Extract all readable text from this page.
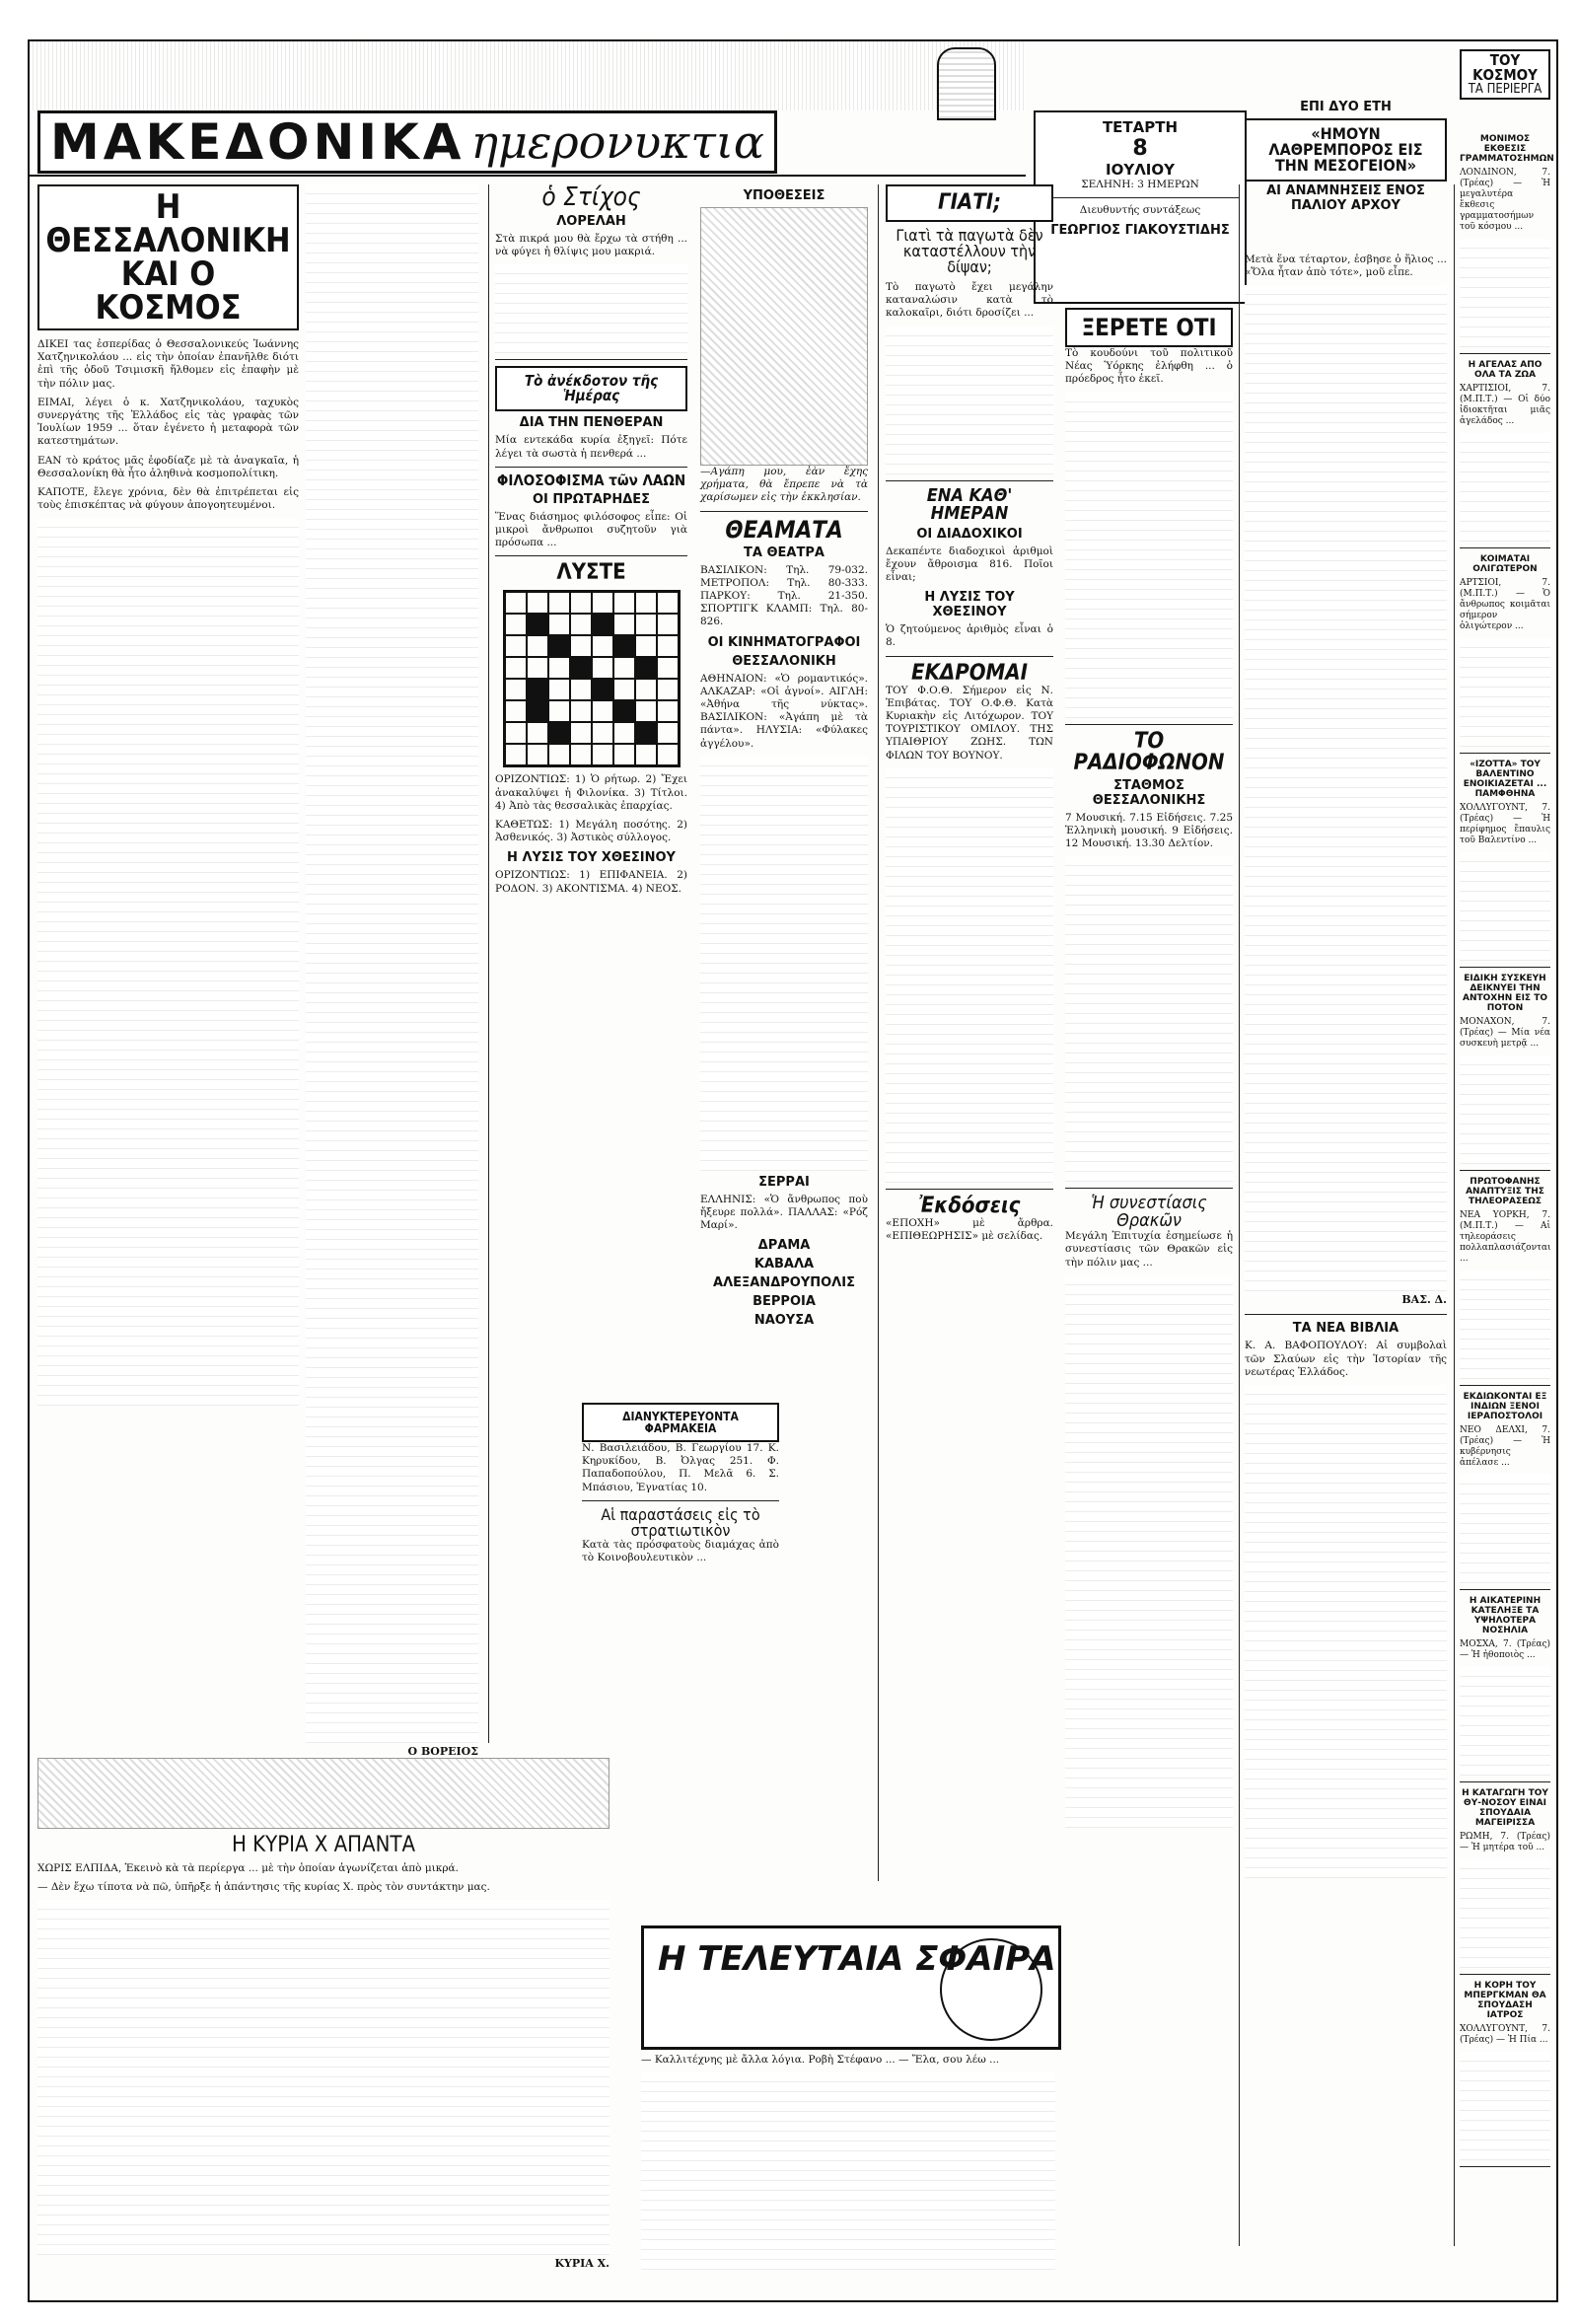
ΜΑΚΕΔΟΝΙΚΑ ημερονυκτια	ΤΕΤΑΡΤΗ
8
ΙΟΥΛΙΟΥ
ΣΕΛΗΝΗ: 3 ΗΜΕΡΩΝ
Διευθυντής συντάξεως
ΓΕΩΡΓΙΟΣ ΓΙΑΚΟΥΣΤΙΔΗΣ
ΕΠΙ ΔΥΟ ΕΤΗ
«ΗΜΟΥΝ ΛΑΘΡΕΜΠΟΡΟΣ ΕΙΣ ΤΗΝ ΜΕΣΟΓΕΙΟΝ»
ΑΙ ΑΝΑΜΝΗΣΕΙΣ ΕΝΟΣ ΠΑΛΙΟΥ ΑΡΧΟΥ
ΤΟΥ ΚΟΣΜΟΥ
ΤΑ ΠΕΡΙΕΡΓΑ
Η ΘΕΣΣΑΛΟΝΙΚΗ ΚΑΙ Ο ΚΟΣΜΟΣ

ΔΙΚΕΙ τας ἐσπερίδας ὁ Θεσσαλονικεύς Ἰωάννης Χατζηνικολάου ... εἰς τὴν ὁποίαν ἐπανῆλθε διότι ἐπὶ τῆς ὁδοῦ Τσιμισκῆ ἤλθομεν εἰς ἐπαφὴν μὲ τὴν πόλιν μας.

ΕΙΜΑΙ, λέγει ὁ κ. Χατζηνικολάου, ταχυκὸς συνεργάτης τῆς Ἑλλάδος εἰς τὰς γραφὰς τῶν Ἰουλίων 1959 ... ὅταν ἐγένετο ἡ μεταφορὰ τῶν κατεστημάτων.

ΕΑΝ τὸ κράτος μᾶς ἐφοδίαζε μὲ τὰ ἀναγκαῖα, ἡ Θεσσαλονίκη θὰ ἦτο ἀληθινὰ κοσμοπολίτικη.

ΚΑΠΟΤΕ, ἔλεγε χρόνια, δὲν θὰ ἐπιτρέπεται εἰς τοὺς ἐπισκέπτας νὰ φύγουν ἀπογοητευμένοι.

Ο ΒΟΡΕΙΟΣ
Η ΚΥΡΙΑ Χ ΑΠΑΝΤΑ

ΧΩΡΙΣ ΕΛΠΙΔΑ, Ἐκεινὸ κὰ τὰ περίεργα ... μὲ τὴν ὁποίαν ἀγωνίζεται ἀπὸ μικρά.

— Δὲν ἔχω τίποτα νὰ πῶ, ὑπῆρξε ἡ ἀπάντησις τῆς κυρίας Χ. πρὸς τὸν συντάκτην μας.

ΚΥΡΙΑ Χ.
ὁ Στίχος
ΛΟΡΕΛΑΗ

Στὰ πικρά μου θὰ ἔρχω τὰ στήθη ... νὰ φύγει ἡ θλίψις μου μακριά.

Τὸ ἀνέκδοτον τῆς Ἡμέρας
ΔΙΑ ΤΗΝ ΠΕΝΘΕΡΑΝ

Μία εντεκάδα κυρία ἐξηγεῖ: Πότε λέγει τὰ σωστὰ ἡ πενθερά ...

ΦΙΛΟΣΟΦΙΣΜΑ τῶν ΛΑΩΝ
ΟΙ ΠΡΩΤΑΡΗΔΕΣ

Ἕνας διάσημος φιλόσοφος εἶπε: Οἱ μικροὶ ἄνθρωποι συζητοῦν γιὰ πρόσωπα ...

ΛΥΣΤΕ

ΟΡΙΖΟΝΤΙΩΣ: 1) Ὁ ρήτωρ. 2) Ἔχει ἀνακαλύψει ἡ Φιλονίκα. 3) Τίτλοι. 4) Ἀπὸ τὰς θεσσαλικὰς ἐπαρχίας.

ΚΑΘΕΤΩΣ: 1) Μεγάλη ποσότης. 2) Ἀσθενικός. 3) Ἀστικὸς σύλλογος.

Η ΛΥΣΙΣ ΤΟΥ ΧΘΕΣΙΝΟΥ

ΟΡΙΖΟΝΤΙΩΣ: 1) ΕΠΙΦΑΝΕΙΑ. 2) ΡΟΔΟΝ. 3) ΑΚΟΝΤΙΣΜΑ. 4) ΝΕΟΣ.

ΔΙΑΝΥΚΤΕΡΕΥΟΝΤΑ ΦΑΡΜΑΚΕΙΑ

Ν. Βασιλειάδου, Β. Γεωργίου 17. Κ. Κηρυκίδου, Β. Ὀλγας 251. Φ. Παπαδοπούλου, Π. Μελᾶ 6. Σ. Μπάσιου, Ἐγνατίας 10.

Αἱ παραστάσεις εἰς τὸ στρατιωτικὸν

Κατὰ τὰς πρόσφατοὺς διαμάχας ἀπὸ τὸ Κοινοβουλευτικὸν ...

ΥΠΟΘΕΣΕΙΣ

—Αγάπη μου, ἐὰν ἔχης χρήματα, θὰ ἔπρεπε νὰ τὰ χαρίσωμεν εἰς τὴν ἐκκλησίαν.

ΘΕΑΜΑΤΑ
ΤΑ ΘΕΑΤΡΑ

ΒΑΣΙΛΙΚΟΝ: Τηλ. 79-032. ΜΕΤΡΟΠΟΛ: Τηλ. 80-333. ΠΑΡΚΟΥ: Τηλ. 21-350. ΣΠΟΡΤΙΓΚ ΚΛΑΜΠ: Τηλ. 80-826.

ΟΙ ΚΙΝΗΜΑΤΟΓΡΑΦΟΙ
ΘΕΣΣΑΛΟΝΙΚΗ

ΑΘΗΝΑΙΟΝ: «Ὁ ρομαντικός». ΑΛΚΑΖΑΡ: «Οἱ ἀγνοί». ΑΙΓΛΗ: «Ἀθήνα τῆς νύκτας». ΒΑΣΙΛΙΚΟΝ: «Ἀγάπη μὲ τὰ πάντα». ΗΛΥΣΙΑ: «Φύλακες ἀγγέλου».

ΣΕΡΡΑΙ

ΕΛΛΗΝΙΣ: «Ὁ ἄνθρωπος ποὺ ἤξευρε πολλά». ΠΑΛΛΑΣ: «Ρόζ Μαρί».

ΔΡΑΜΑ
ΚΑΒΑΛΑ
ΑΛΕΞΑΝΔΡΟΥΠΟΛΙΣ
ΒΕΡΡΟΙΑ
ΝΑΟΥΣΑ
ΓΙΑΤΙ;
Γιατὶ τὰ παγωτὰ δὲν καταστέλλουν τὴν δίψαν;

Τὸ παγωτὸ ἔχει μεγάλην καταναλώσιν κατὰ τὸ καλοκαῖρι, διότι δροσίζει ...

ΕΝΑ ΚΑΘ' ΗΜΕΡΑΝ
ΟΙ ΔΙΑΔΟΧΙΚΟΙ

Δεκαπέντε διαδοχικοὶ ἀριθμοὶ ἔχουν ἄθροισμα 816. Ποῖοι εἶναι;

Η ΛΥΣΙΣ ΤΟΥ ΧΘΕΣΙΝΟΥ

Ὁ ζητούμενος ἀριθμὸς εἶναι ὁ 8.

ΕΚΔΡΟΜΑΙ

ΤΟΥ Φ.Ο.Θ. Σήμερον εἰς Ν. Ἐπιβάτας. ΤΟΥ Ο.Φ.Θ. Κατὰ Κυριακὴν εἰς Λιτόχωρον. ΤΟΥ ΤΟΥΡΙΣΤΙΚΟΥ ΟΜΙΛΟΥ. ΤΗΣ ΥΠΑΙΘΡΙΟΥ ΖΩΗΣ. ΤΩΝ ΦΙΛΩΝ ΤΟΥ ΒΟΥΝΟΥ.

Ἐκδόσεις

«ΕΠΟΧΗ» μὲ ἄρθρα. «ΕΠΙΘΕΩΡΗΣΙΣ» μὲ σελίδας.

ΞΕΡΕΤΕ ΟΤΙ

Τὸ κουδούνι τοῦ πολιτικοῦ Νέας Ὑόρκης ἐλήφθη ... ὁ πρόεδρος ἦτο ἐκεῖ.

ΤΟ ΡΑΔΙΟΦΩΝΟΝ
ΣΤΑΘΜΟΣ ΘΕΣΣΑΛΟΝΙΚΗΣ

7 Μουσική. 7.15 Εἰδήσεις. 7.25 Ἑλληνικὴ μουσική. 9 Εἰδήσεις. 12 Μουσική. 13.30 Δελτίον.

Ἡ συνεστίασις Θρακῶν

Μεγάλη Ἐπιτυχία ἐσημείωσε ἡ συνεστίασις τῶν Θρακῶν εἰς τὴν πόλιν μας ...

Μετὰ ἕνα τέταρτον, ἐσβησε ὁ ἥλιος ... «Ὅλα ἦταν ἀπὸ τότε», μοῦ εἶπε.

ΒΑΣ. Δ.
ΤΑ ΝΕΑ ΒΙΒΛΙΑ

Κ. Α. ΒΑΦΟΠΟΥΛΟΥ: Αἱ συμβολαὶ τῶν Σλαύων εἰς τὴν Ἱστορίαν τῆς νεωτέρας Ἑλλάδος.

ΜΟΝΙΜΟΣ ΕΚΘΕΣΙΣ ΓΡΑΜΜΑΤΟΣΗΜΩΝ

ΛΟΝΔΙΝΟΝ, 7. (Τρέας) — Ἡ μεγαλυτέρα ἔκθεσις γραμματοσήμων τοῦ κόσμου ...

Η ΑΓΕΛΑΣ ΑΠΟ ΟΛΑ ΤΑ ΖΩΑ

ΧΑΡΤΙΣΙΟΙ, 7. (Μ.Π.Τ.) — Οἱ δύο ἰδιοκτῆται μιᾶς ἀγελάδος ...

ΚΟΙΜΑΤΑΙ ΟΛΙΓΩΤΕΡΟΝ

ΑΡΤΣΙΟΙ, 7. (Μ.Π.Τ.) — Ὁ ἄνθρωπος κοιμᾶται σήμερον ὀλιγώτερον ...

«ΙΖΟΤΤΑ» ΤΟΥ ΒΑΛΕΝΤΙΝΟ ΕΝΟΙΚΙΑΖΕΤΑΙ ... ΠΑΜΦΘΗΝΑ

ΧΟΛΛΥΓΟΥΝΤ, 7. (Τρέας) — Ἡ περίφημος ἔπαυλις τοῦ Βαλεντίνο ...

ΕΙΔΙΚΗ ΣΥΣΚΕΥΗ ΔΕΙΚΝΥΕΙ ΤΗΝ ΑΝΤΟΧΗΝ ΕΙΣ ΤΟ ΠΟΤΟΝ

ΜΟΝΑΧΟΝ, 7. (Τρέας) — Μία νέα συσκευὴ μετρᾷ ...

ΠΡΩΤΟΦΑΝΗΣ ΑΝΑΠΤΥΞΙΣ ΤΗΣ ΤΗΛΕΟΡΑΣΕΩΣ

ΝΕΑ ΥΟΡΚΗ, 7. (Μ.Π.Τ.) — Αἱ τηλεοράσεις πολλαπλασιάζονται ...

ΕΚΔΙΩΚΟΝΤΑΙ ΕΞ ΙΝΔΙΩΝ ΞΕΝΟΙ ΙΕΡΑΠΟΣΤΟΛΟΙ

ΝΕΟ ΔΕΛΧΙ, 7. (Τρέας) — Ἡ κυβέρνησις ἀπέλασε ...

Η ΑΙΚΑΤΕΡΙΝΗ ΚΑΤΕΛΗΞΕ ΤΑ ΥΨΗΛΟΤΕΡΑ ΝΟΣΗΛΙΑ

ΜΟΣΧΑ, 7. (Τρέας) — Ἡ ἠθοποιὸς ...

Η ΚΑΤΑΓΩΓΗ ΤΟΥ ΘΥ-ΝΟΣΟΥ ΕΙΝΑΙ ΣΠΟΥΔΑΙΑ ΜΑΓΕΙΡΙΣΣΑ

ΡΩΜΗ, 7. (Τρέας) — Ἡ μητέρα τοῦ ...

Η ΚΟΡΗ ΤΟΥ ΜΠΕΡΓΚΜΑΝ ΘΑ ΣΠΟΥΔΑΣΗ ΙΑΤΡΟΣ

ΧΟΛΛΥΓΟΥΝΤ, 7. (Τρέας) — Ἡ Πία ...

Η ΤΕΛΕΥΤΑΙΑ ΣΦΑΙΡΑ

— Καλλιτέχνης μὲ ἄλλα λόγια. Ροβὴ Στέφανο ... — Ἔλα, σου λέω ...
